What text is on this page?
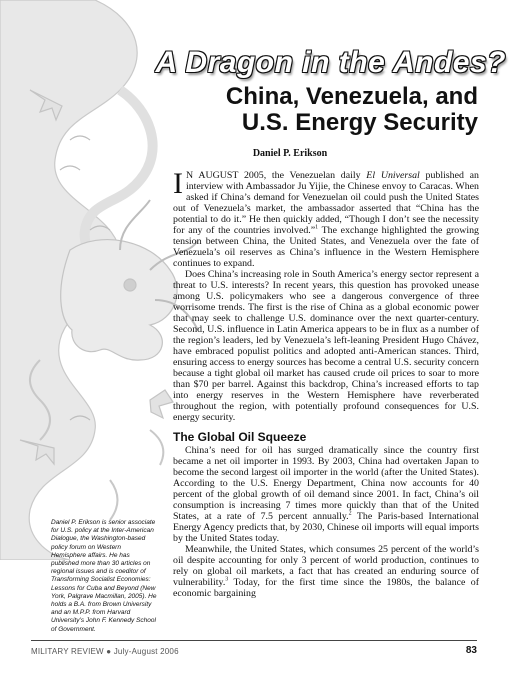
A Dragon in the Andes?
China, Venezuela, and
U.S. Energy Security
Daniel P. Erikson

I N AUGUST 2005, the Venezuelan daily El Universal published an interview with Ambassador Ju Yijie, the Chinese envoy to Caracas. When asked if China’s demand for Venezuelan oil could push the United States out of Venezuela’s market, the ambassador asserted that “China has the potential to do it.” He then quickly added, “Though I don’t see the necessity for any of the countries involved.”$^1$ The exchange highlighted the growing tension between China, the United States, and Venezuela over the fate of Venezuela’s oil reserves as China’s influence in the Western Hemisphere continues to expand.

Does China’s increasing role in South America’s energy sector represent a threat to U.S. interests? In recent years, this question has provoked unease among U.S. policymakers who see a dangerous convergence of three worrisome trends. The first is the rise of China as a global economic power that may seek to challenge U.S. dominance over the next quarter-century. Second, U.S. influence in Latin America appears to be in flux as a number of the region’s leaders, led by Venezuela’s left-leaning President Hugo Chávez, have embraced populist politics and adopted anti-American stances. Third, ensuring access to energy sources has become a central U.S. security concern because a tight global oil market has caused crude oil prices to soar to more than $70 per barrel. Against this backdrop, China’s increased efforts to tap into energy reserves in the Western Hemisphere have reverberated throughout the region, with potentially profound consequences for U.S. energy security.

The Global Oil Squeeze

China’s need for oil has surged dramatically since the country first became a net oil importer in 1993. By 2003, China had overtaken Japan to become the second largest oil importer in the world (after the United States). According to the U.S. Energy Department, China now accounts for 40 percent of the global growth of oil demand since 2001. In fact, China’s oil consumption is increasing 7 times more quickly than that of the United States, at a rate of 7.5 percent annually.$^2$ The Paris-based International Energy Agency predicts that, by 2030, Chinese oil imports will equal imports by the United States today.

Meanwhile, the United States, which consumes 25 percent of the world’s oil despite accounting for only 3 percent of world production, continues to rely on global oil markets, a fact that has created an enduring source of vulnerability.$^3$ Today, for the first time since the 1980s, the balance of economic bargaining

Daniel P. Erikson is senior associate for U.S. policy at the Inter-American Dialogue, the Washington-based policy forum on Western Hemisphere affairs. He has published more than 30 articles on regional issues and is coeditor of Transforming Socialist Economies: Lessons for Cuba and Beyond (New York, Palgrave Macmillan, 2005). He holds a B.A. from Brown University and an M.P.P. from Harvard University’s John F. Kennedy School of Government.
MILITARY REVIEW ● July-August 2006	83
